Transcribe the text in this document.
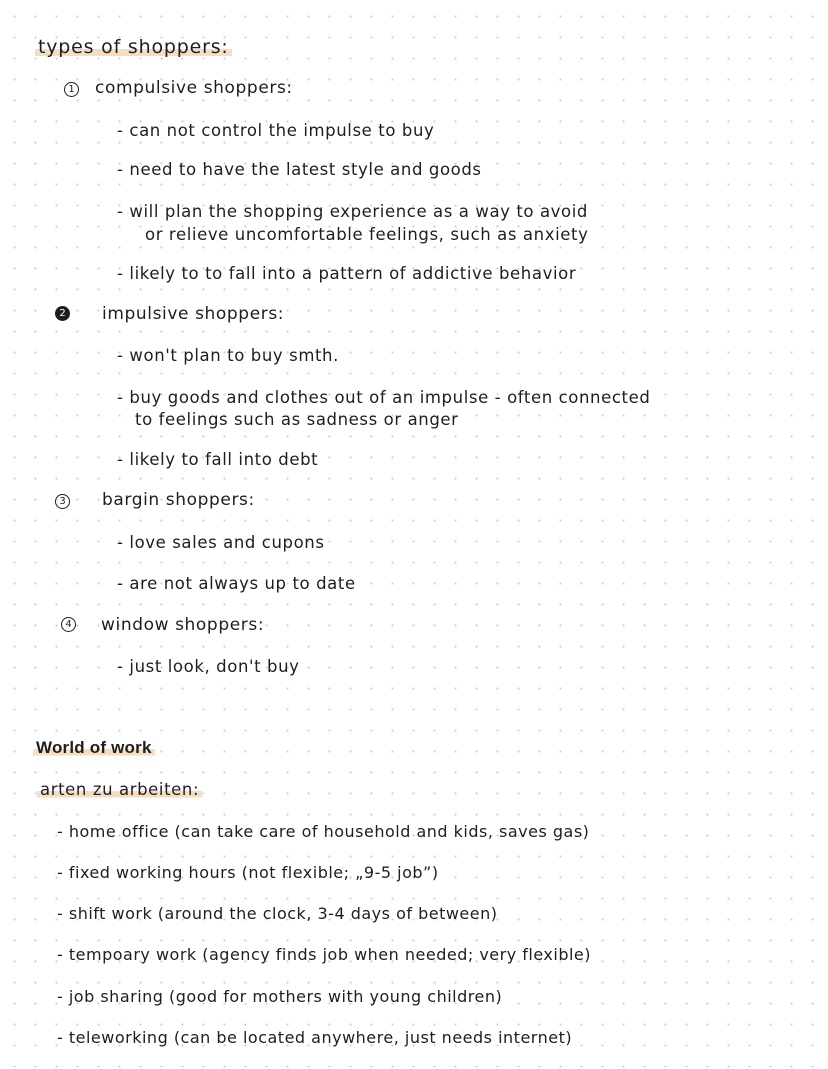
types of shoppers:
1 compulsive shoppers:
- can not control the impulse to buy
- need to have the latest style and goods
- will plan the shopping experience as a way to avoid
or relieve uncomfortable feelings, such as anxiety
- likely to to fall into a pattern of addictive behavior
2 impulsive shoppers:
- won't plan to buy smth.
- buy goods and clothes out of an impulse - often connected
to feelings such as sadness or anger
- likely to fall into debt
3 bargin shoppers:
- love sales and cupons
- are not always up to date
4 window shoppers:
- just look, don't buy
World of work
arten zu arbeiten:
- home office (can take care of household and kids, saves gas)
- fixed working hours (not flexible; „9-5 job”)
- shift work (around the clock, 3-4 days of between)
- tempoary work (agency finds job when needed; very flexible)
- job sharing (good for mothers with young children)
- teleworking (can be located anywhere, just needs internet)
